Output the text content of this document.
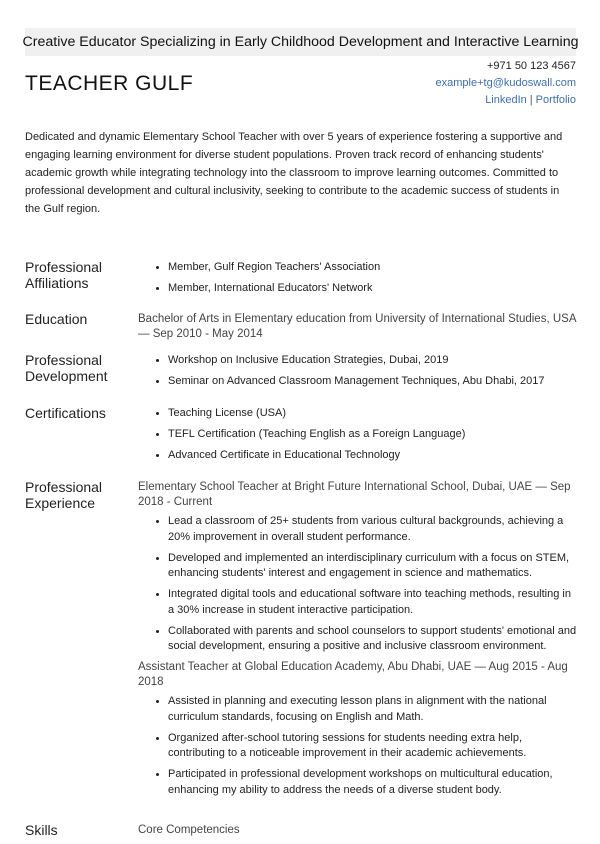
Creative Educator Specializing in Early Childhood Development and Interactive Learning
TEACHER GULF
+971 50 123 4567
example+tg@kudoswall.com
LinkedIn | Portfolio
Dedicated and dynamic Elementary School Teacher with over 5 years of experience fostering a supportive and engaging learning environment for diverse student populations. Proven track record of enhancing students' academic growth while integrating technology into the classroom to improve learning outcomes. Committed to professional development and cultural inclusivity, seeking to contribute to the academic success of students in the Gulf region.
Professional Affiliations
• Member, Gulf Region Teachers' Association
• Member, International Educators' Network
Education	Bachelor of Arts in Elementary education from University of International Studies, USA — Sep 2010 - May 2014
Professional Development
• Workshop on Inclusive Education Strategies, Dubai, 2019
• Seminar on Advanced Classroom Management Techniques, Abu Dhabi, 2017
Certifications
•	Teaching License (USA)
• TEFL Certification (Teaching English as a Foreign Language)
• Advanced Certificate in Educational Technology
Professional Experience
Elementary School Teacher at Bright Future International School, Dubai, UAE — Sep 2018 - Current
• Lead a classroom of 25+ students from various cultural backgrounds, achieving a 20% improvement in overall student performance.
• Developed and implemented an interdisciplinary curriculum with a focus on STEM, enhancing students' interest and engagement in science and mathematics.
• Integrated digital tools and educational software into teaching methods, resulting in a 30% increase in student interactive participation.
• Collaborated with parents and school counselors to support students' emotional and social development, ensuring a positive and inclusive classroom environment.
Assistant Teacher at Global Education Academy, Abu Dhabi, UAE — Aug 2015 - Aug 2018
• Assisted in planning and executing lesson plans in alignment with the national curriculum standards, focusing on English and Math.
• Organized after-school tutoring sessions for students needing extra help, contributing to a noticeable improvement in their academic achievements.
• Participated in professional development workshops on multicultural education, enhancing my ability to address the needs of a diverse student body.
Skills	Core Competencies
